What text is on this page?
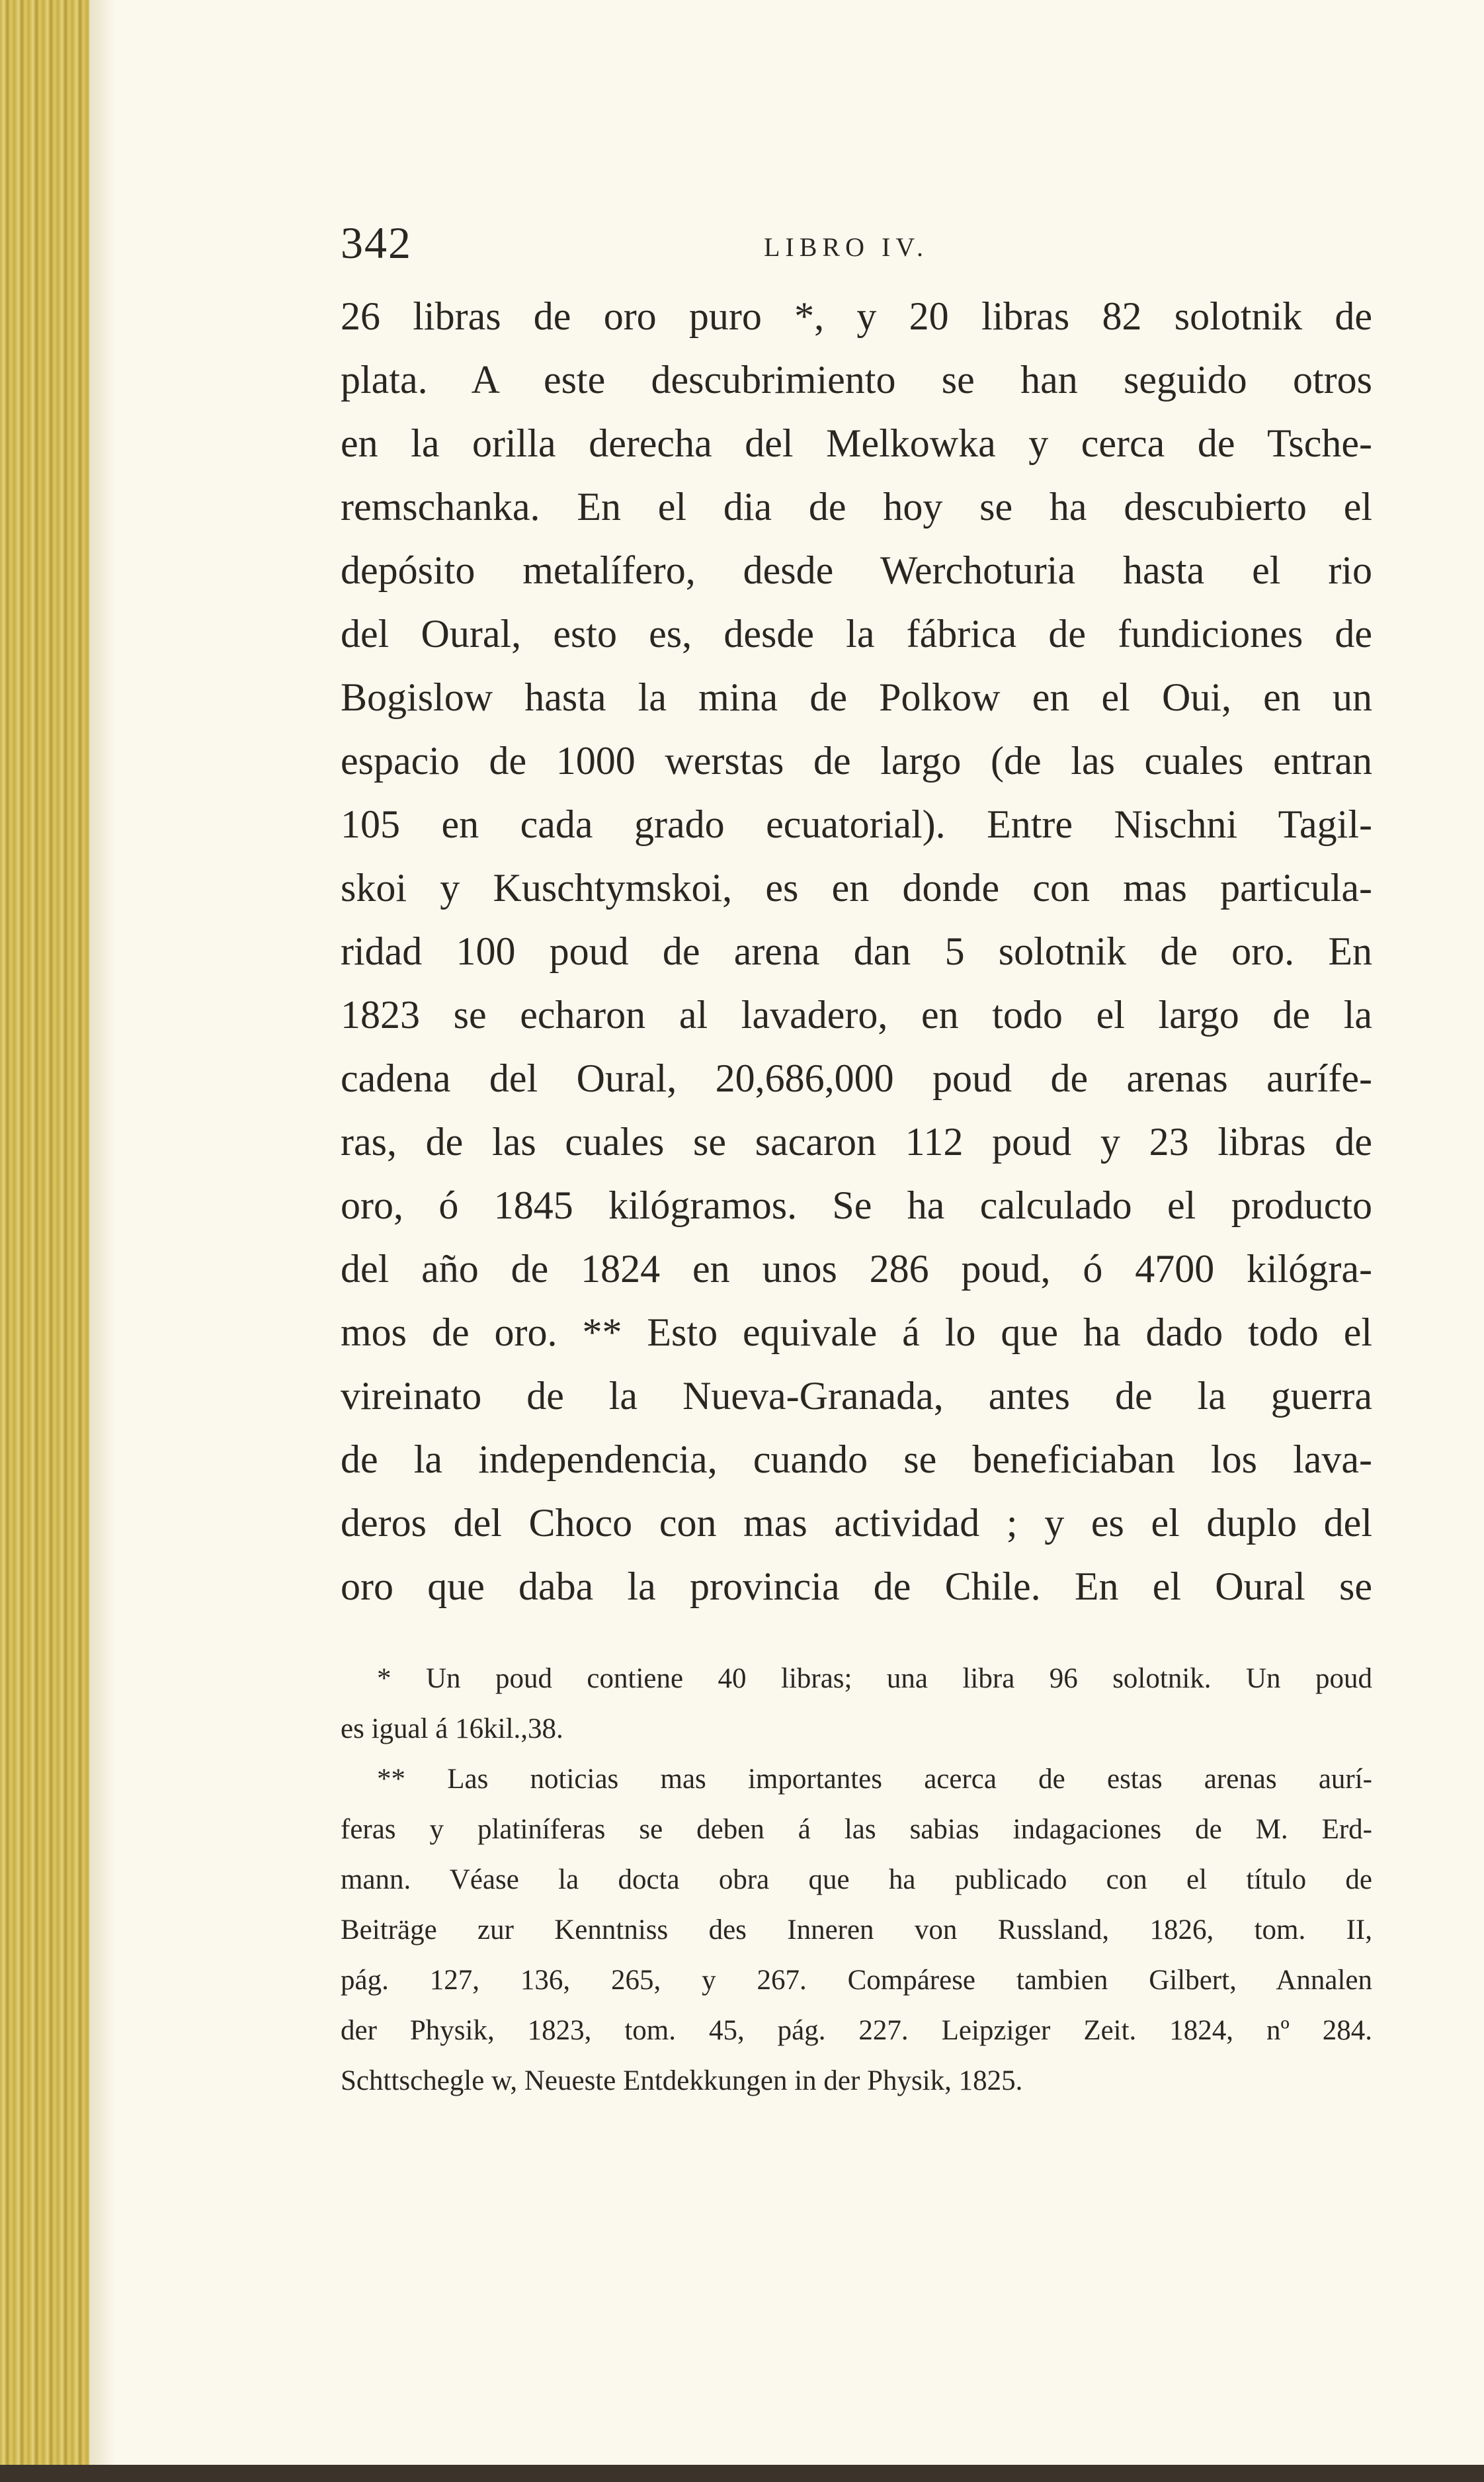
342	LIBRO IV.
26 libras de oro puro *, y 20 libras 82 solotnik de
plata. A este descubrimiento se han seguido otros
en la orilla derecha del Melkowka y cerca de Tsche-
remschanka. En el dia de hoy se ha descubierto el
depósito metalífero, desde Werchoturia hasta el rio
del Oural, esto es, desde la fábrica de fundiciones de
Bogislow hasta la mina de Polkow en el Oui, en un
espacio de 1000 werstas de largo (de las cuales entran
105 en cada grado ecuatorial). Entre Nischni Tagil-
skoi y Kuschtymskoi, es en donde con mas particula-
ridad 100 poud de arena dan 5 solotnik de oro. En
1823 se echaron al lavadero, en todo el largo de la
cadena del Oural, 20,686,000 poud de arenas aurífe-
ras, de las cuales se sacaron 112 poud y 23 libras de
oro, ó 1845 kilógramos. Se ha calculado el producto
del año de 1824 en unos 286 poud, ó 4700 kilógra-
mos de oro. ** Esto equivale á lo que ha dado todo el
vireinato de la Nueva-Granada, antes de la guerra
de la independencia, cuando se beneficiaban los lava-
deros del Choco con mas actividad ; y es el duplo del
oro que daba la provincia de Chile. En el Oural se
* Un poud contiene 40 libras; una libra 96 solotnik. Un poud
es igual á 16kil.,38.
** Las noticias mas importantes acerca de estas arenas aurí-
feras y platiníferas se deben á las sabias indagaciones de M. Erd-
mann. Véase la docta obra que ha publicado con el título de
Beiträge zur Kenntniss des Inneren von Russland, 1826, tom. II,
pág. 127, 136, 265, y 267. Compárese tambien Gilbert, Annalen
der Physik, 1823, tom. 45, pág. 227. Leipziger Zeit. 1824, nº 284.
Schttschegle w, Neueste Entdekkungen in der Physik, 1825.
